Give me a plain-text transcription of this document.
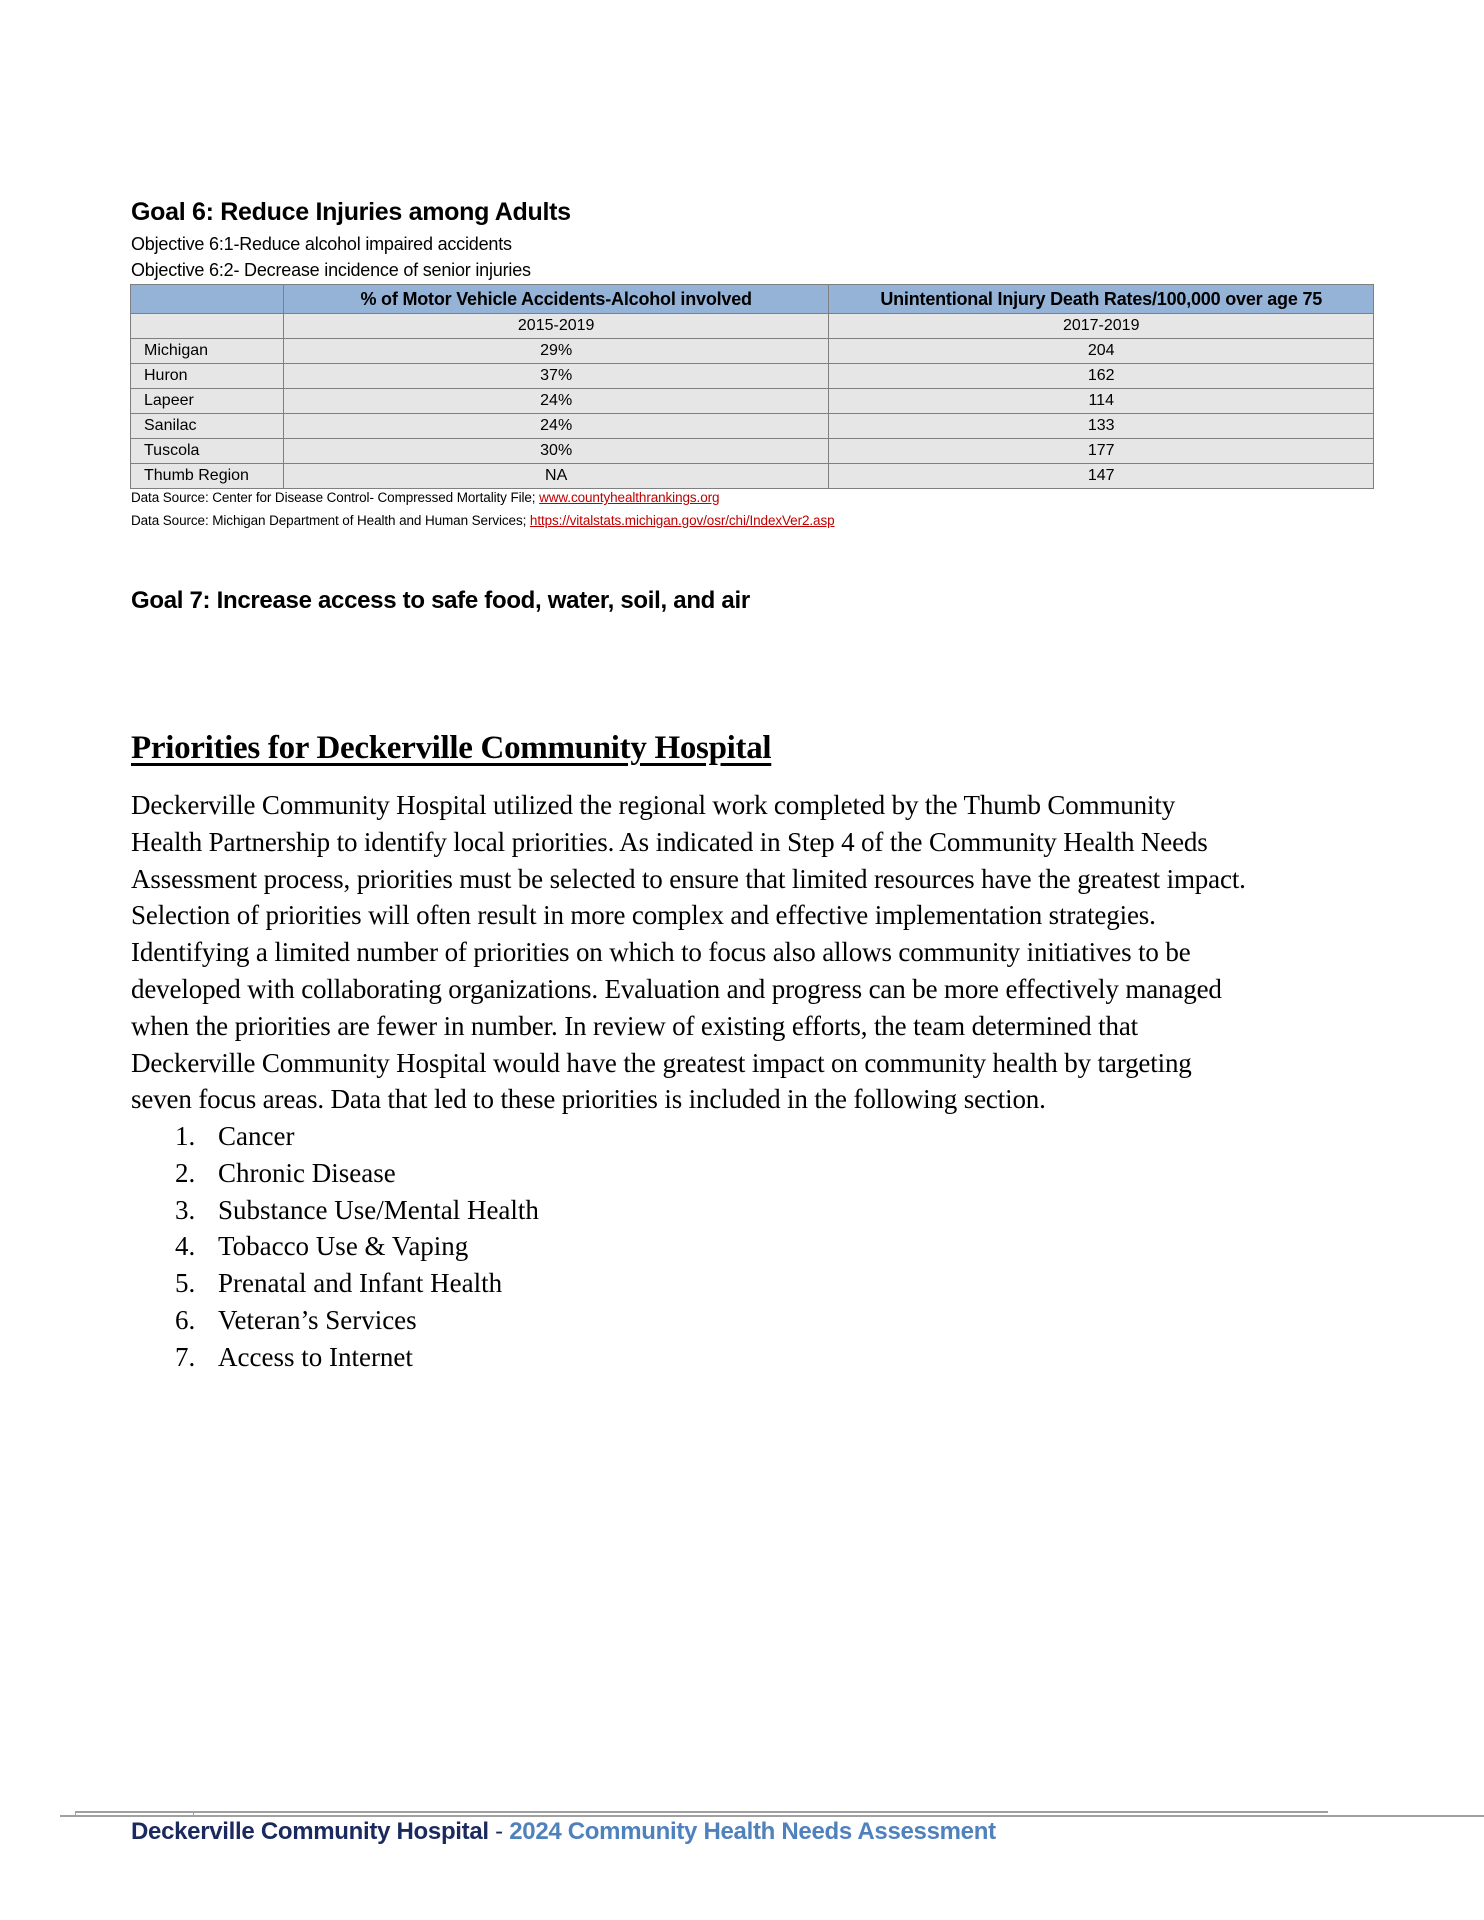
Goal 6: Reduce Injuries among Adults
Objective 6:1-Reduce alcohol impaired accidents
Objective 6:2- Decrease incidence of senior injuries
	% of Motor Vehicle Accidents-Alcohol involved	Unintentional Injury Death Rates/100,000 over age 75
	2015-2019	2017-2019
Michigan	29%	204
Huron	37%	162
Lapeer	24%	114
Sanilac	24%	133
Tuscola	30%	177
Thumb Region	NA	147
Data Source: Center for Disease Control- Compressed Mortality File; www.countyhealthrankings.org
Data Source: Michigan Department of Health and Human Services; https://vitalstats.michigan.gov/osr/chi/IndexVer2.asp
Goal 7: Increase access to safe food, water, soil, and air
Priorities for Deckerville Community Hospital

Deckerville Community Hospital utilized the regional work completed by the Thumb Community
Health Partnership to identify local priorities. As indicated in Step 4 of the Community Health Needs
Assessment process, priorities must be selected to ensure that limited resources have the greatest impact.
Selection of priorities will often result in more complex and effective implementation strategies.
Identifying a limited number of priorities on which to focus also allows community initiatives to be
developed with collaborating organizations. Evaluation and progress can be more effectively managed
when the priorities are fewer in number. In review of existing efforts, the team determined that
Deckerville Community Hospital would have the greatest impact on community health by targeting
seven focus areas. Data that led to these priorities is included in the following section.

1. Cancer
2. Chronic Disease
3. Substance Use/Mental Health
4. Tobacco Use & Vaping
5. Prenatal and Infant Health
6. Veteran’s Services
7. Access to Internet
Deckerville Community Hospital - 2024 Community Health Needs Assessment
